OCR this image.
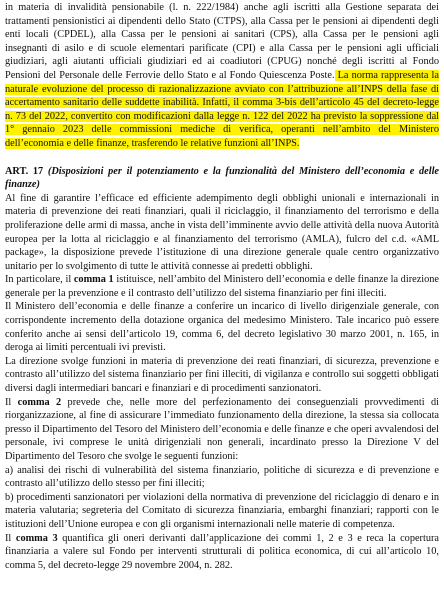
in materia di invalidità pensionabile (l. n. 222/1984) anche agli iscritti alla Gestione separata dei trattamenti pensionistici ai dipendenti dello Stato (CTPS), alla Cassa per le pensioni ai dipendenti degli enti locali (CPDEL), alla Cassa per le pensioni ai sanitari (CPS), alla Cassa per le pensioni agli insegnanti di asilo e di scuole elementari parificate (CPI) e alla Cassa per le pensioni agli ufficiali giudiziari, agli aiutanti ufficiali giudiziari ed ai coadiutori (CPUG) nonché degli iscritti al Fondo Pensioni del Personale delle Ferrovie dello Stato e al Fondo Quiescenza Poste. La norma rappresenta la naturale evoluzione del processo di razionalizzazione avviato con l’attribuzione all’INPS della fase di accertamento sanitario delle suddette inabilità. Infatti, il comma 3-bis dell’articolo 45 del decreto-legge n. 73 del 2022, convertito con modificazioni dalla legge n. 122 del 2022 ha previsto la soppressione dal 1° gennaio 2023 delle commissioni mediche di verifica, operanti nell’ambito del Ministero dell’economia e delle finanze, trasferendo le relative funzioni all’INPS.

ART. 17 (Disposizioni per il potenziamento e la funzionalità del Ministero dell’economia e delle finanze)

Al fine di garantire l’efficace ed efficiente adempimento degli obblighi unionali e internazionali in materia di prevenzione dei reati finanziari, quali il riciclaggio, il finanziamento del terrorismo e della proliferazione delle armi di massa, anche in vista dell’imminente avvio delle attività della nuova Autorità europea per la lotta al riciclaggio e al finanziamento del terrorismo (AMLA), fulcro del c.d. «AML package», la disposizione prevede l’istituzione di una direzione generale quale centro organizzativo unitario per lo svolgimento di tutte le attività connesse ai predetti obblighi.

In particolare, il comma 1 istituisce, nell’ambito del Ministero dell’economia e delle finanze la direzione generale per la prevenzione e il contrasto dell’utilizzo del sistema finanziario per fini illeciti.

Il Ministero dell’economia e delle finanze a conferire un incarico di livello dirigenziale generale, con corrispondente incremento della dotazione organica del medesimo Ministero. Tale incarico può essere conferito anche ai sensi dell’articolo 19, comma 6, del decreto legislativo 30 marzo 2001, n. 165, in deroga ai limiti percentuali ivi previsti.

La direzione svolge funzioni in materia di prevenzione dei reati finanziari, di sicurezza, prevenzione e contrasto all’utilizzo del sistema finanziario per fini illeciti, di vigilanza e controllo sui soggetti obbligati diversi dagli intermediari bancari e finanziari e di procedimenti sanzionatori.

Il comma 2 prevede che, nelle more del perfezionamento dei conseguenziali provvedimenti di riorganizzazione, al fine di assicurare l’immediato funzionamento della direzione, la stessa sia collocata presso il Dipartimento del Tesoro del Ministero dell’economia e delle finanze e che operi avvalendosi del personale, ivi comprese le unità dirigenziali non generali, incardinato presso la Direzione V del Dipartimento del Tesoro che svolge le seguenti funzioni:

a) analisi dei rischi di vulnerabilità del sistema finanziario, politiche di sicurezza e di prevenzione e contrasto all’utilizzo dello stesso per fini illeciti;

b) procedimenti sanzionatori per violazioni della normativa di prevenzione del riciclaggio di denaro e in materia valutaria; segreteria del Comitato di sicurezza finanziaria, embarghi finanziari; rapporti con le istituzioni dell’Unione europea e con gli organismi internazionali nelle materie di competenza.

Il comma 3 quantifica gli oneri derivanti dall’applicazione dei commi 1, 2 e 3 e reca la copertura finanziaria a valere sul Fondo per interventi strutturali di politica economica, di cui all’articolo 10, comma 5, del decreto-legge 29 novembre 2004, n. 282.
